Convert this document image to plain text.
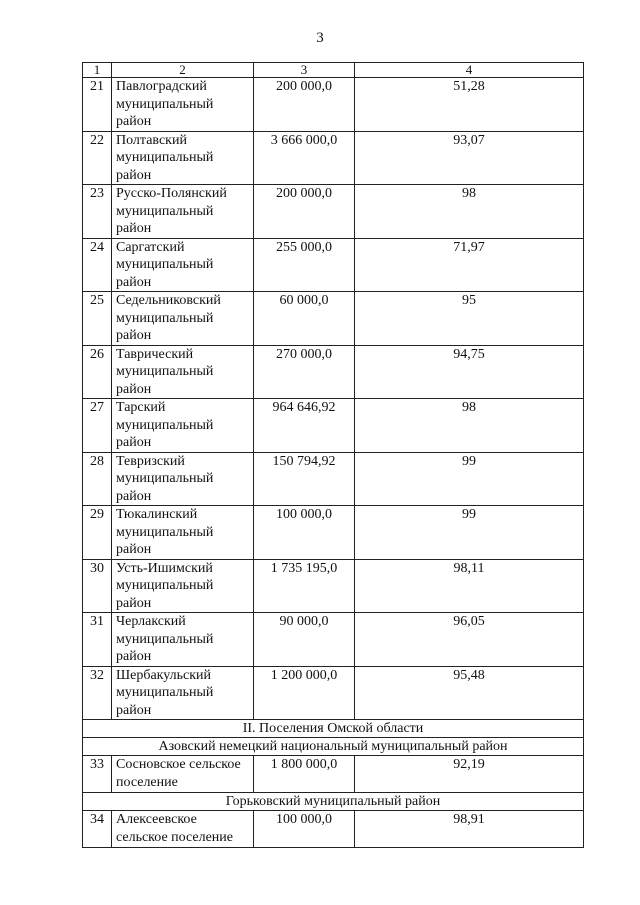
3
1	2	3	4
21	Павлоградский муниципальный район	200 000,0	51,28
22	Полтавский муниципальный район	3 666 000,0	93,07
23	Русско-Полянский муниципальный район	200 000,0	98
24	Саргатский муниципальный район	255 000,0	71,97
25	Седельниковский муниципальный район	60 000,0	95
26	Таврический муниципальный район	270 000,0	94,75
27	Тарский муниципальный район	964 646,92	98
28	Тевризский муниципальный район	150 794,92	99
29	Тюкалинский муниципальный район	100 000,0	99
30	Усть-Ишимский муниципальный район	1 735 195,0	98,11
31	Черлакский муниципальный район	90 000,0	96,05
32	Шербакульский муниципальный район	1 200 000,0	95,48
II. Поселения Омской области			
Азовский немецкий национальный муниципальный район			
33	Сосновское сельское поселение	1 800 000,0	92,19
Горьковский муниципальный район			
34	Алексеевское сельское поселение	100 000,0	98,91
